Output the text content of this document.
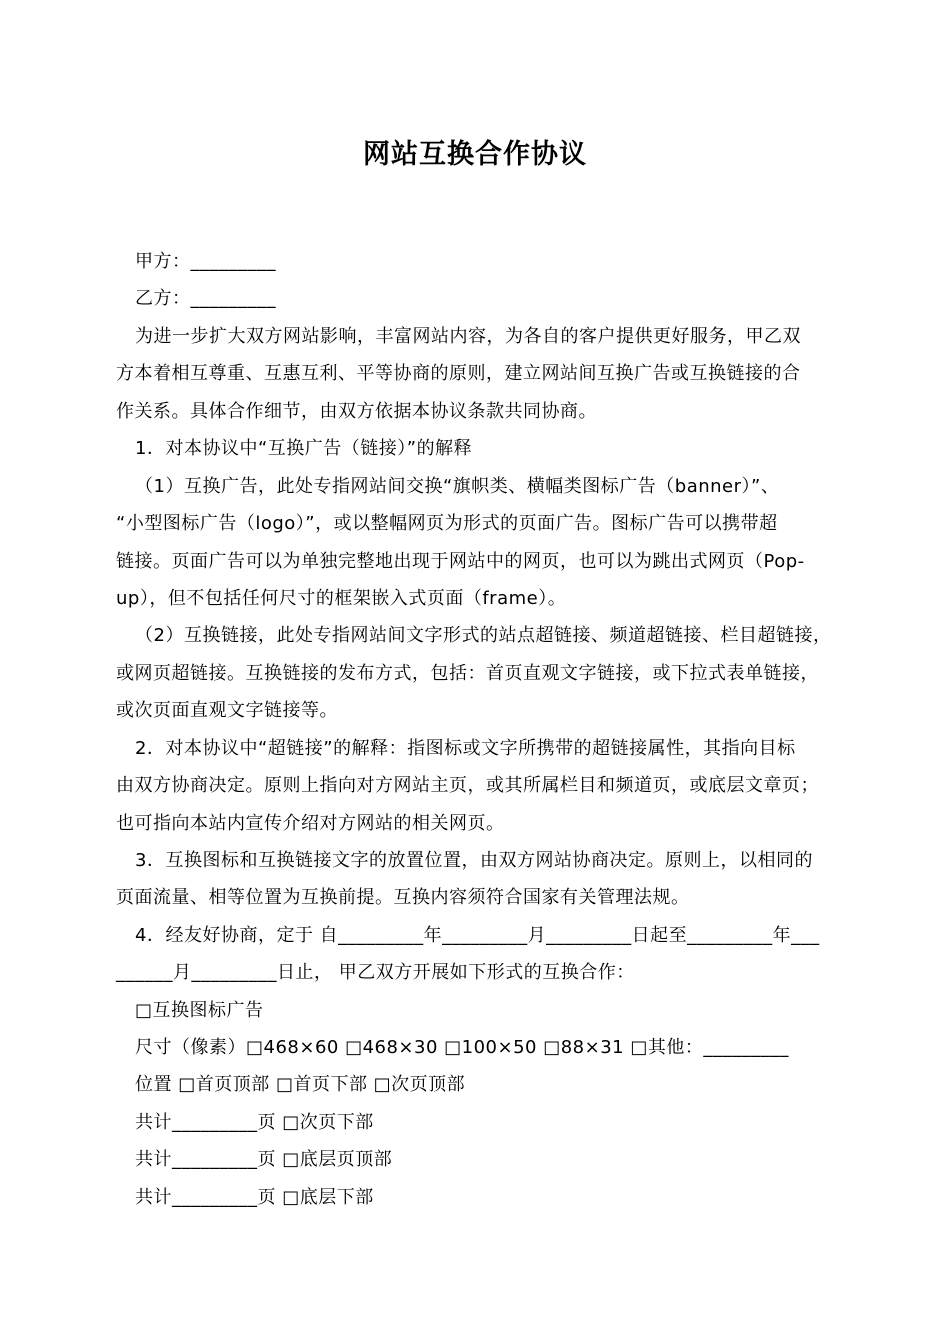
网站互换合作协议
甲方：_________
乙方：_________
为进一步扩大双方网站影响，丰富网站内容，为各自的客户提供更好服务，甲乙双
方本着相互尊重、互惠互利、平等协商的原则，建立网站间互换广告或互换链接的合
作关系。具体合作细节，由双方依据本协议条款共同协商。
1．对本协议中“互换广告（链接）”的解释
（1）互换广告，此处专指网站间交换“旗帜类、横幅类图标广告（banner）”、
“小型图标广告（logo）”，或以整幅网页为形式的页面广告。图标广告可以携带超
链接。页面广告可以为单独完整地出现于网站中的网页，也可以为跳出式网页（Pop-
up），但不包括任何尺寸的框架嵌入式页面（frame）。
（2）互换链接，此处专指网站间文字形式的站点超链接、频道超链接、栏目超链接，
或网页超链接。互换链接的发布方式，包括：首页直观文字链接，或下拉式表单链接，
或次页面直观文字链接等。
2．对本协议中“超链接”的解释：指图标或文字所携带的超链接属性，其指向目标
由双方协商决定。原则上指向对方网站主页，或其所属栏目和频道页，或底层文章页；
也可指向本站内宣传介绍对方网站的相关网页。
3．互换图标和互换链接文字的放置位置，由双方网站协商决定。原则上，以相同的
页面流量、相等位置为互换前提。互换内容须符合国家有关管理法规。
4．经友好协商，定于 自_________年_________月_________日起至_________年___
______月_________日止， 甲乙双方开展如下形式的互换合作：
□互换图标广告
尺寸（像素）□468×60 □468×30 □100×50 □88×31 □其他：_________
位置 □首页顶部 □首页下部 □次页顶部
共计_________页 □次页下部
共计_________页 □底层页顶部
共计_________页 □底层下部
